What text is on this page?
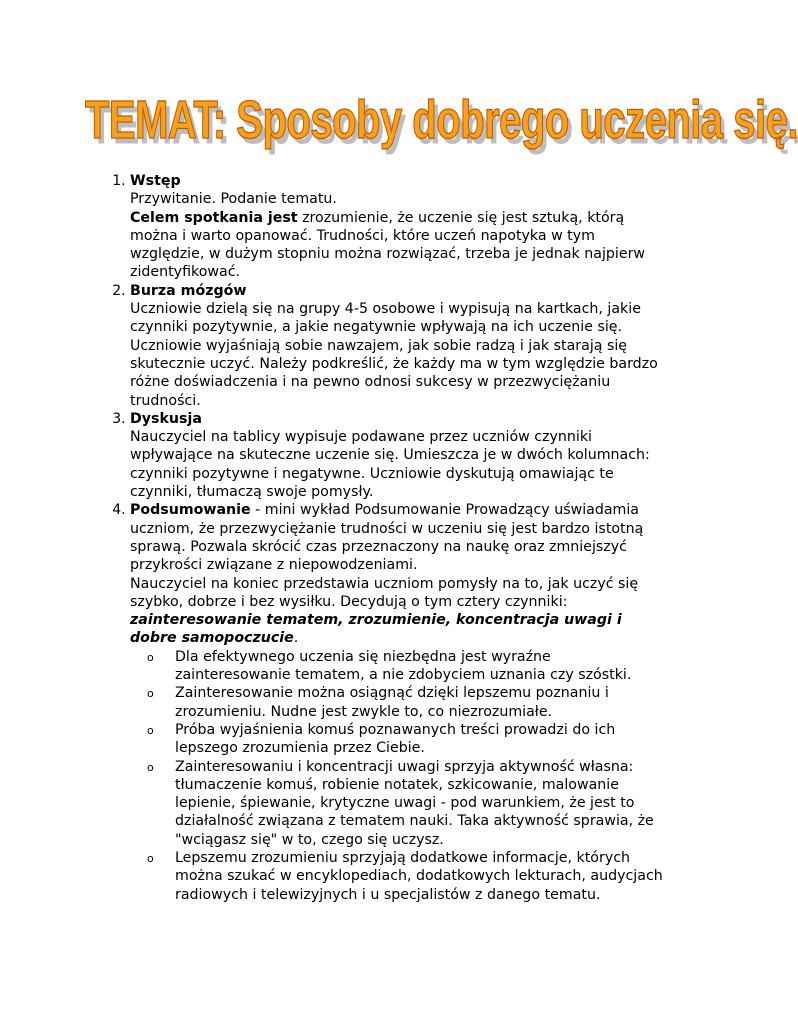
TEMAT: Sposoby dobrego uczenia się.
1. Wstęp
Przywitanie. Podanie tematu.
Celem spotkania jest zrozumienie, że uczenie się jest sztuką, którą można i warto opanować. Trudności, które uczeń napotyka w tym względzie, w dużym stopniu można rozwiązać, trzeba je jednak najpierw zidentyfikować.
2. Burza mózgów
Uczniowie dzielą się na grupy 4-5 osobowe i wypisują na kartkach, jakie czynniki pozytywnie, a jakie negatywnie wpływają na ich uczenie się. Uczniowie wyjaśniają sobie nawzajem, jak sobie radzą i jak starają się skutecznie uczyć. Należy podkreślić, że każdy ma w tym względzie bardzo różne doświadczenia i na pewno odnosi sukcesy w przezwyciężaniu trudności.
3. Dyskusja
Nauczyciel na tablicy wypisuje podawane przez uczniów czynniki wpływające na skuteczne uczenie się. Umieszcza je w dwóch kolumnach: czynniki pozytywne i negatywne. Uczniowie dyskutują omawiając te czynniki, tłumaczą swoje pomysły.
4. Podsumowanie - mini wykład Podsumowanie Prowadzący uświadamia uczniom, że przezwyciężanie trudności w uczeniu się jest bardzo istotną sprawą. Pozwala skrócić czas przeznaczony na naukę oraz zmniejszyć przykrości związane z niepowodzeniami.
Nauczyciel na koniec przedstawia uczniom pomysły na to, jak uczyć się szybko, dobrze i bez wysiłku. Decydują o tym cztery czynniki: zainteresowanie tematem, zrozumienie, koncentracja uwagi i dobre samopoczucie.
o Dla efektywnego uczenia się niezbędna jest wyraźne zainteresowanie tematem, a nie zdobyciem uznania czy szóstki.
o Zainteresowanie można osiągnąć dzięki lepszemu poznaniu i zrozumieniu. Nudne jest zwykle to, co niezrozumiałe.
o Próba wyjaśnienia komuś poznawanych treści prowadzi do ich lepszego zrozumienia przez Ciebie.
o Zainteresowaniu i koncentracji uwagi sprzyja aktywność własna: tłumaczenie komuś, robienie notatek, szkicowanie, malowanie lepienie, śpiewanie, krytyczne uwagi - pod warunkiem, że jest to działalność związana z tematem nauki. Taka aktywność sprawia, że "wciągasz się" w to, czego się uczysz.
o Lepszemu zrozumieniu sprzyjają dodatkowe informacje, których można szukać w encyklopediach, dodatkowych lekturach, audycjach radiowych i telewizyjnych i u specjalistów z danego tematu.
